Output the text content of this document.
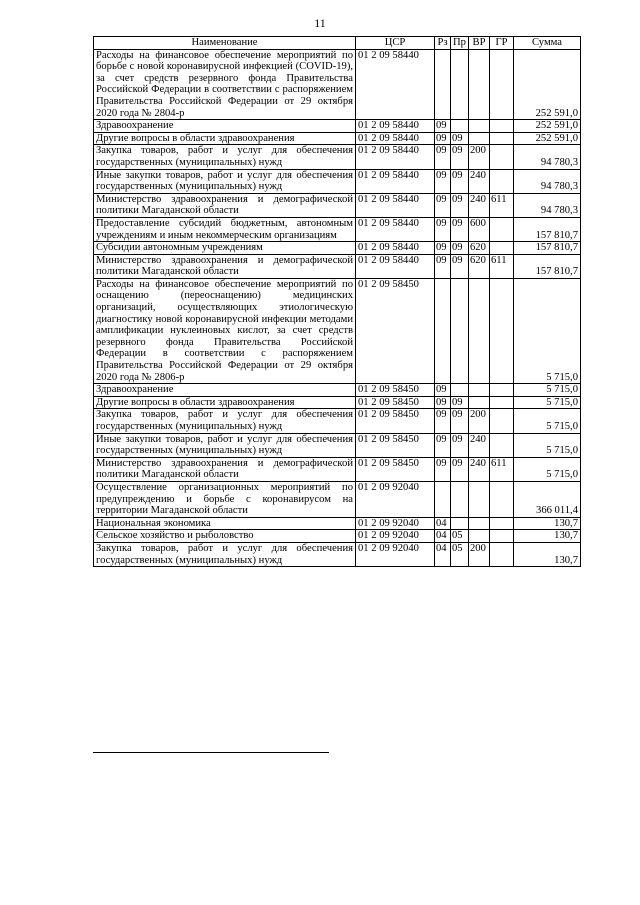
11
Наименование	ЦСР	Рз	Пр	ВР	ГР	Сумма
Расходы на финансовое обеспечение мероприятий по борьбе с новой коронавирусной инфекцией (COVID-19), за счет средств резервного фонда Правительства Российской Федерации в соответствии с распоряжением Правительства Российской Федерации от 29 октября 2020 года № 2804-р	01 2 09 58440					252 591,0
Здравоохранение	01 2 09 58440	09				252 591,0
Другие вопросы в области здравоохранения	01 2 09 58440	09	09			252 591,0
Закупка товаров, работ и услуг для обеспечения государственных (муниципальных) нужд	01 2 09 58440	09	09	200		94 780,3
Иные закупки товаров, работ и услуг для обеспечения государственных (муниципальных) нужд	01 2 09 58440	09	09	240		94 780,3
Министерство здравоохранения и демографической политики Магаданской области	01 2 09 58440	09	09	240	611	94 780,3
Предоставление субсидий бюджетным, автономным учреждениям и иным некоммерческим организациям	01 2 09 58440	09	09	600		157 810,7
Субсидии автономным учреждениям	01 2 09 58440	09	09	620		157 810,7
Министерство здравоохранения и демографической политики Магаданской области	01 2 09 58440	09	09	620	611	157 810,7
Расходы на финансовое обеспечение мероприятий по оснащению (переоснащению) медицинских организаций, осуществляющих этиологическую диагностику новой коронавирусной инфекции методами амплификации нуклеиновых кислот, за счет средств резервного фонда Правительства Российской Федерации в соответствии с распоряжением Правительства Российской Федерации от 29 октября 2020 года № 2806-р	01 2 09 58450					5 715,0
Здравоохранение	01 2 09 58450	09				5 715,0
Другие вопросы в области здравоохранения	01 2 09 58450	09	09			5 715,0
Закупка товаров, работ и услуг для обеспечения государственных (муниципальных) нужд	01 2 09 58450	09	09	200		5 715,0
Иные закупки товаров, работ и услуг для обеспечения государственных (муниципальных) нужд	01 2 09 58450	09	09	240		5 715,0
Министерство здравоохранения и демографической политики Магаданской области	01 2 09 58450	09	09	240	611	5 715,0
Осуществление организационных мероприятий по предупреждению и борьбе с коронавирусом на территории Магаданской области	01 2 09 92040					366 011,4
Национальная экономика	01 2 09 92040	04				130,7
Сельское хозяйство и рыболовство	01 2 09 92040	04	05			130,7
Закупка товаров, работ и услуг для обеспечения государственных (муниципальных) нужд	01 2 09 92040	04	05	200		130,7
